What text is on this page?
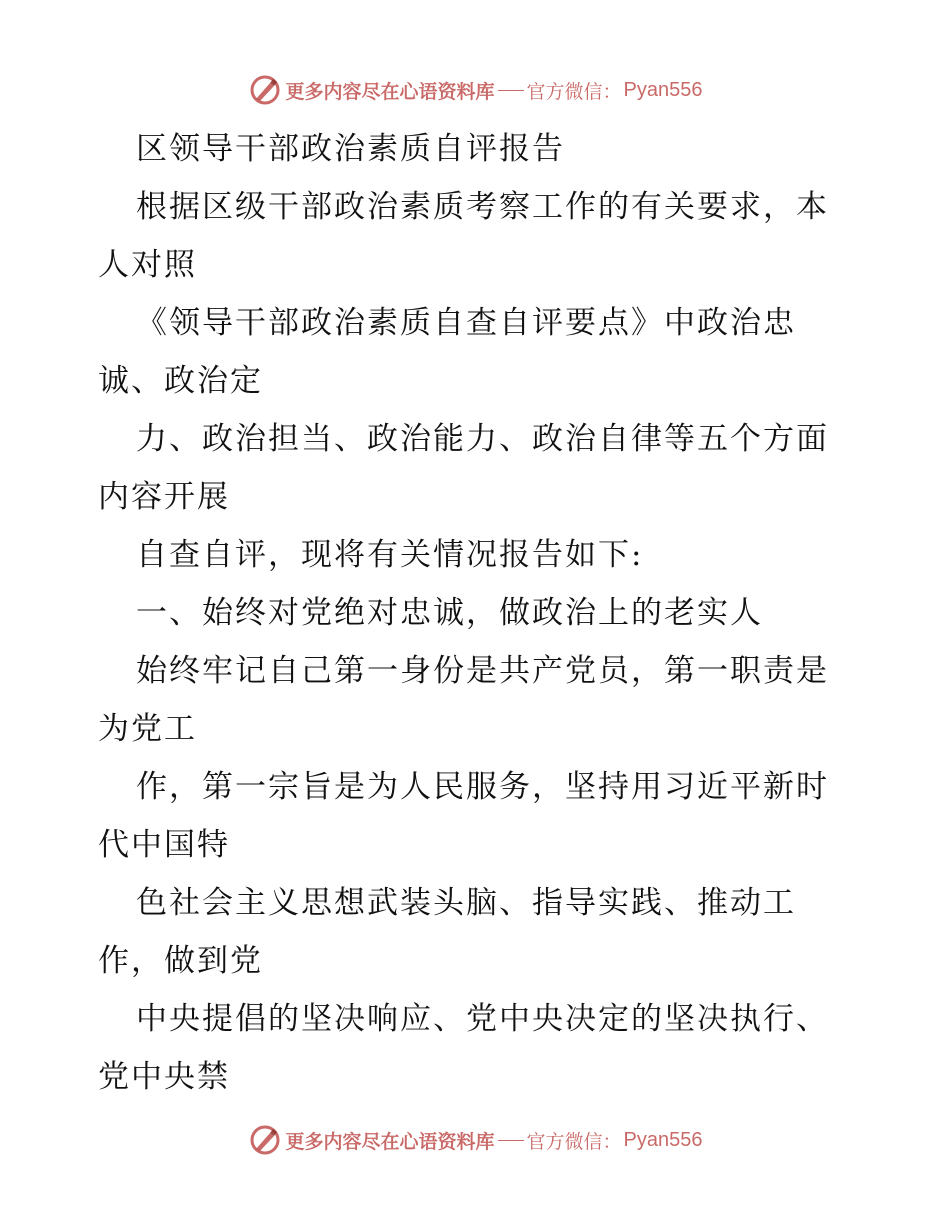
更多内容尽在心语资料库 官方微信： Pyan556
区领导干部政治素质自评报告
根据区级干部政治素质考察工作的有关要求，本
人对照
《领导干部政治素质自查自评要点》中政治忠
诚、政治定
力、政治担当、政治能力、政治自律等五个方面
内容开展
自查自评，现将有关情况报告如下:
一、始终对党绝对忠诚，做政治上的老实人
始终牢记自己第一身份是共产党员，第一职责是
为党工
作，第一宗旨是为人民服务，坚持用习近平新时
代中国特
色社会主义思想武装头脑、指导实践、推动工
作，做到党
中央提倡的坚决响应、党中央决定的坚决执行、
党中央禁
更多内容尽在心语资料库 官方微信： Pyan556
